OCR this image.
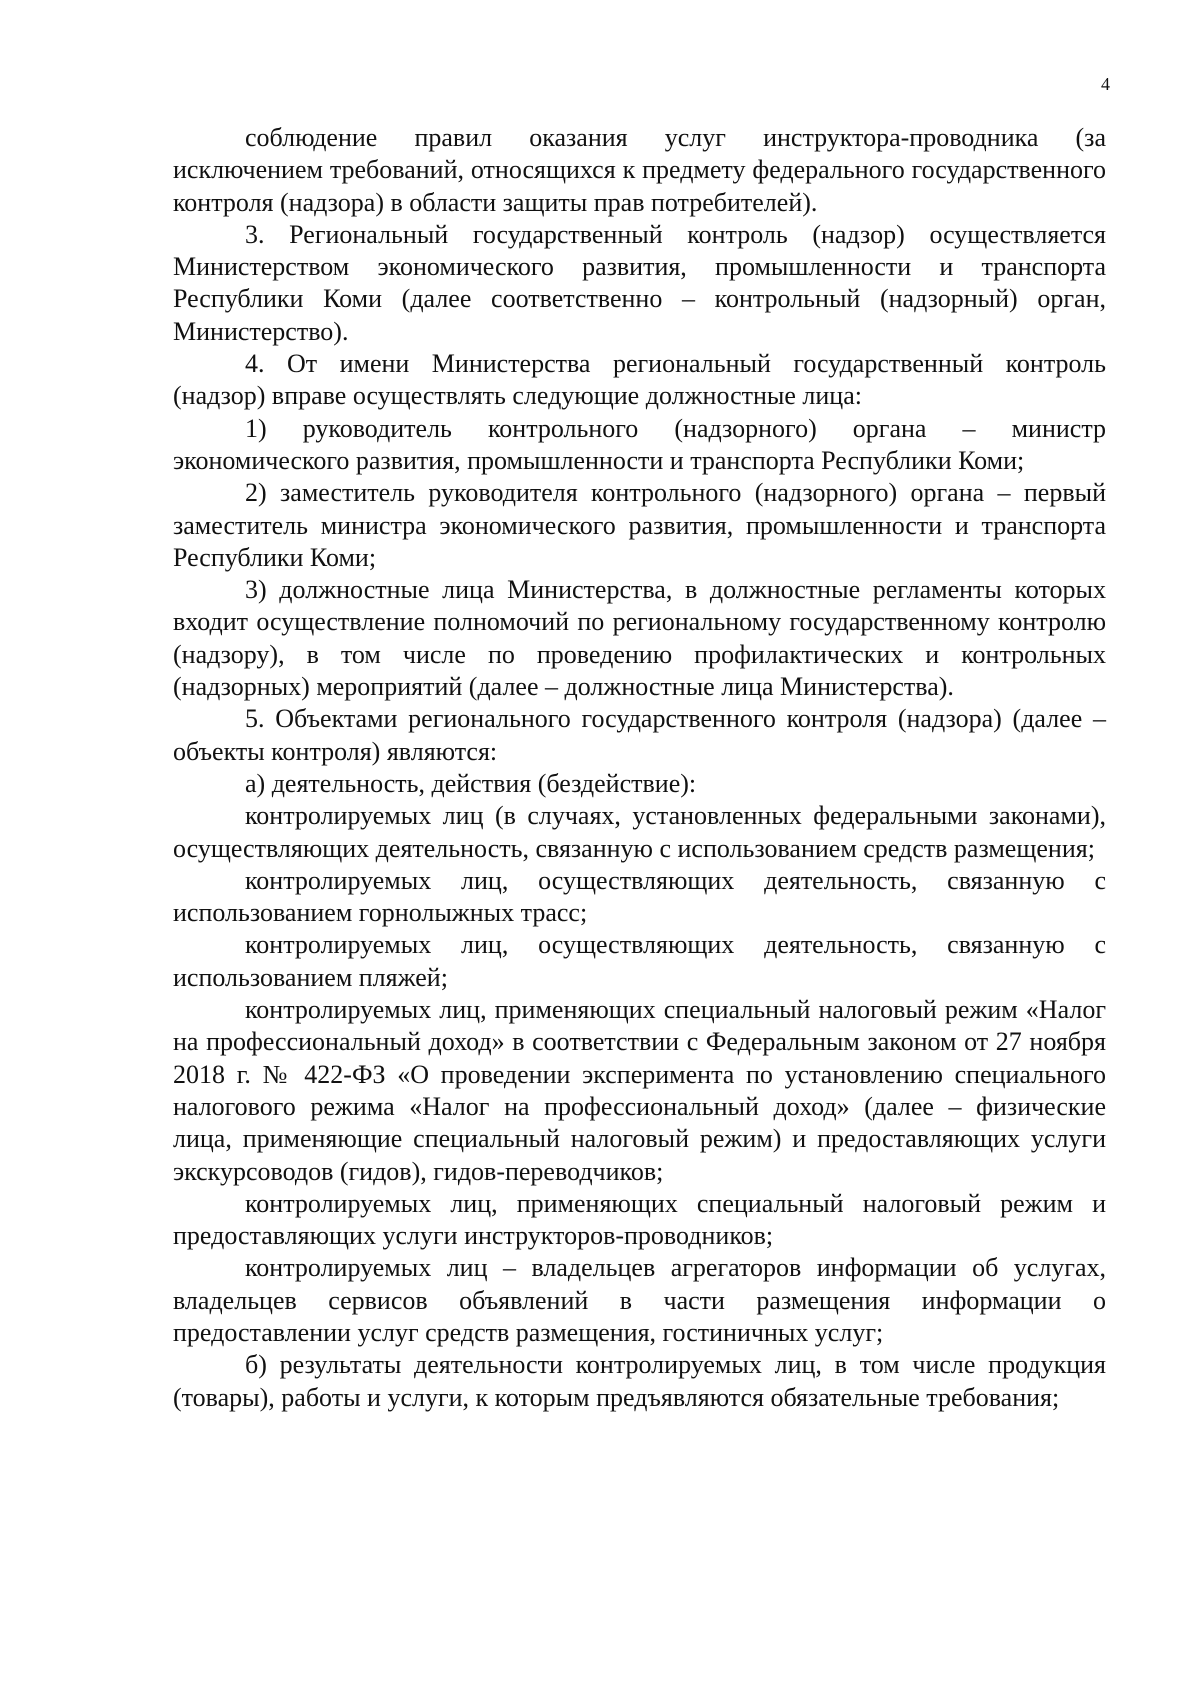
4

соблюдение правил оказания услуг инструктора-проводника (за исключением требований, относящихся к предмету федерального государственного контроля (надзора) в области защиты прав потребителей).

3. Региональный государственный контроль (надзор) осуществляется Министерством экономического развития, промышленности и транспорта Республики Коми (далее соответственно – контрольный (надзорный) орган, Министерство).

4. От имени Министерства региональный государственный контроль (надзор) вправе осуществлять следующие должностные лица:

1) руководитель контрольного (надзорного) органа – министр экономического развития, промышленности и транспорта Республики Коми;

2) заместитель руководителя контрольного (надзорного) органа – первый заместитель министра экономического развития, промышленности и транспорта Республики Коми;

3) должностные лица Министерства, в должностные регламенты которых входит осуществление полномочий по региональному государственному контролю (надзору), в том числе по проведению профилактических и контрольных (надзорных) мероприятий (далее – должностные лица Министерства).

5. Объектами регионального государственного контроля (надзора) (далее – объекты контроля) являются:

а) деятельность, действия (бездействие):

контролируемых лиц (в случаях, установленных федеральными законами), осуществляющих деятельность, связанную с использованием средств размещения;

контролируемых лиц, осуществляющих деятельность, связанную с использованием горнолыжных трасс;

контролируемых лиц, осуществляющих деятельность, связанную с использованием пляжей;

контролируемых лиц, применяющих специальный налоговый режим «Налог на профессиональный доход» в соответствии с Федеральным законом от 27 ноября 2018 г. № 422-ФЗ «О проведении эксперимента по установлению специального налогового режима «Налог на профессиональный доход» (далее – физические лица, применяющие специальный налоговый режим) и предоставляющих услуги экскурсоводов (гидов), гидов-переводчиков;

контролируемых лиц, применяющих специальный налоговый режим и предоставляющих услуги инструкторов-проводников;

контролируемых лиц – владельцев агрегаторов информации об услугах, владельцев сервисов объявлений в части размещения информации о предоставлении услуг средств размещения, гостиничных услуг;

б) результаты деятельности контролируемых лиц, в том числе продукция (товары), работы и услуги, к которым предъявляются обязательные требования;
